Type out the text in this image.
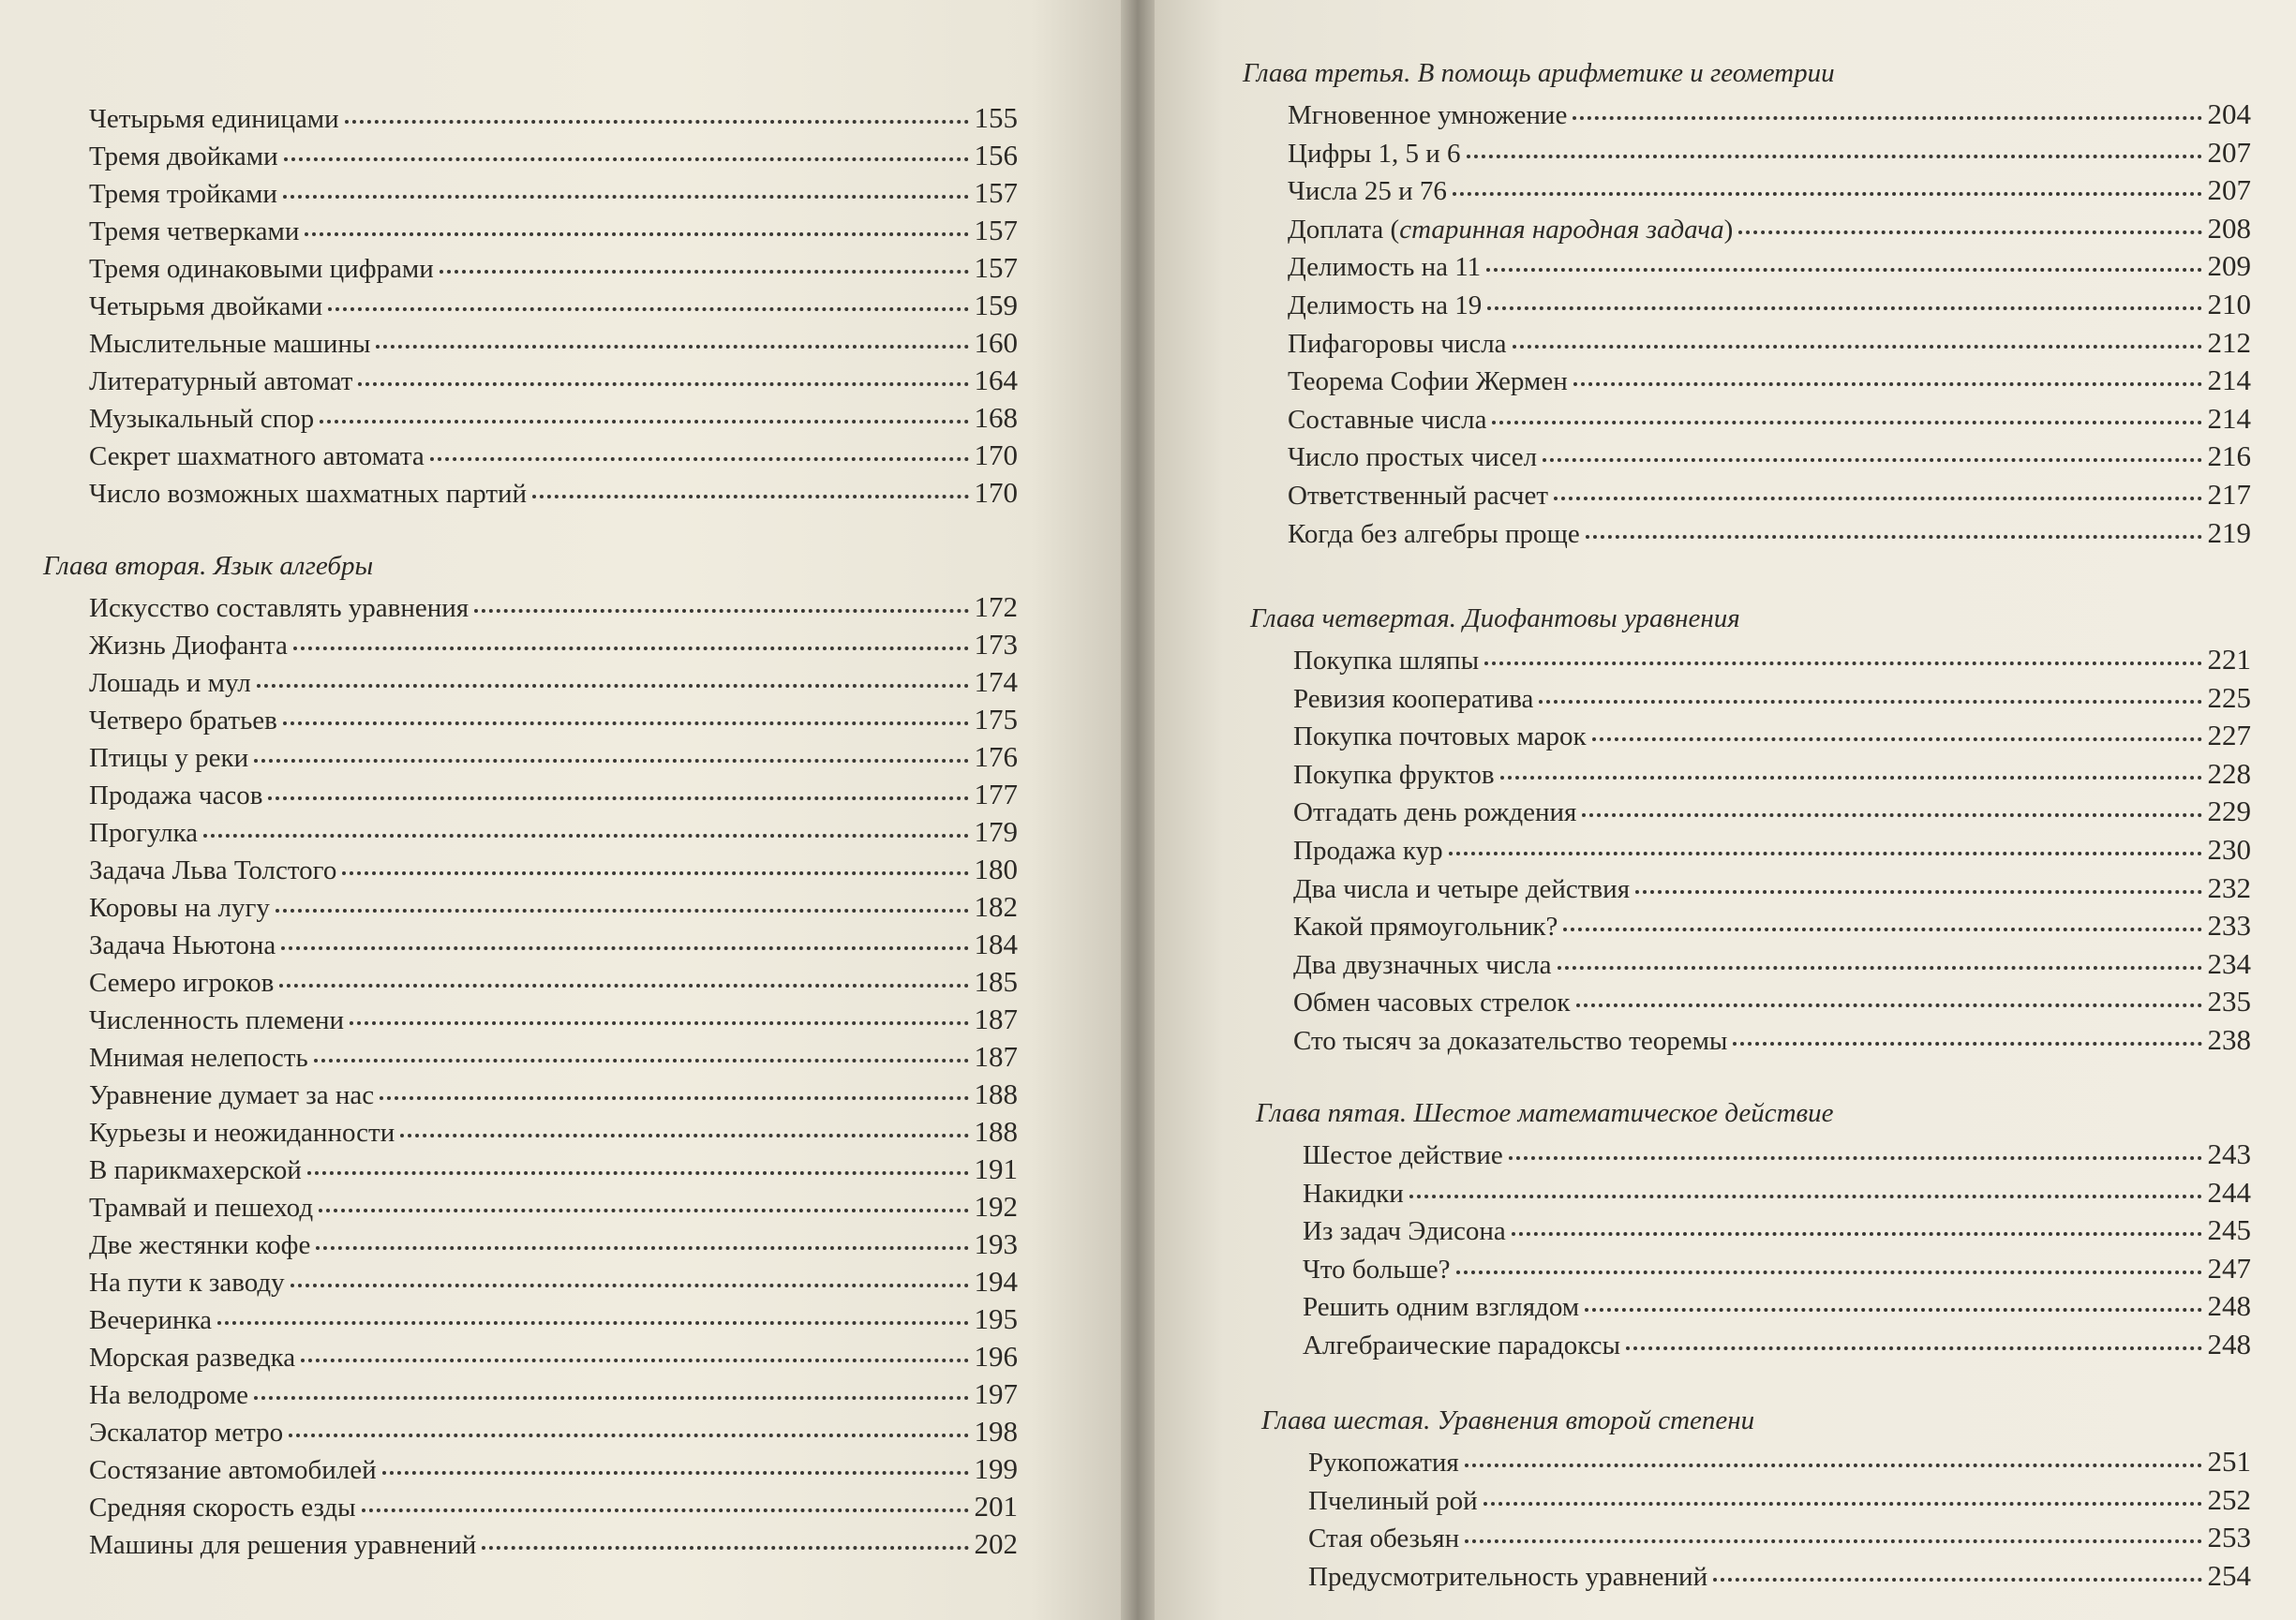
Четырьмя единицами	155
Тремя двойками	156
Тремя тройками	157
Тремя четверками	157
Тремя одинаковыми цифрами	157
Четырьмя двойками	159
Мыслительные машины	160
Литературный автомат	164
Музыкальный спор	168
Секрет шахматного автомата	170
Число возможных шахматных партий	170
Глава вторая. Язык алгебры
Искусство составлять уравнения	172
Жизнь Диофанта	173
Лошадь и мул	174
Четверо братьев	175
Птицы у реки	176
Продажа часов	177
Прогулка	179
Задача Льва Толстого	180
Коровы на лугу	182
Задача Ньютона	184
Семеро игроков	185
Численность племени	187
Мнимая нелепость	187
Уравнение думает за нас	188
Курьезы и неожиданности	188
В парикмахерской	191
Трамвай и пешеход	192
Две жестянки кофе	193
На пути к заводу	194
Вечеринка	195
Морская разведка	196
На велодроме	197
Эскалатор метро	198
Состязание автомобилей	199
Средняя скорость езды	201
Машины для решения уравнений	202
Глава третья. В помощь арифметике и геометрии
Мгновенное умножение	204
Цифры 1, 5 и 6	207
Числа 25 и 76	207
Доплата (старинная народная задача)	208
Делимость на 11	209
Делимость на 19	210
Пифагоровы числа	212
Теорема Софии Жермен	214
Составные числа	214
Число простых чисел	216
Ответственный расчет	217
Когда без алгебры проще	219
Глава четвертая. Диофантовы уравнения
Покупка шляпы	221
Ревизия кооператива	225
Покупка почтовых марок	227
Покупка фруктов	228
Отгадать день рождения	229
Продажа кур	230
Два числа и четыре действия	232
Какой прямоугольник?	233
Два двузначных числа	234
Обмен часовых стрелок	235
Сто тысяч за доказательство теоремы	238
Глава пятая. Шестое математическое действие
Шестое действие	243
Накидки	244
Из задач Эдисона	245
Что больше?	247
Решить одним взглядом	248
Алгебраические парадоксы	248
Глава шестая. Уравнения второй степени
Рукопожатия	251
Пчелиный рой	252
Стая обезьян	253
Предусмотрительность уравнений	254
